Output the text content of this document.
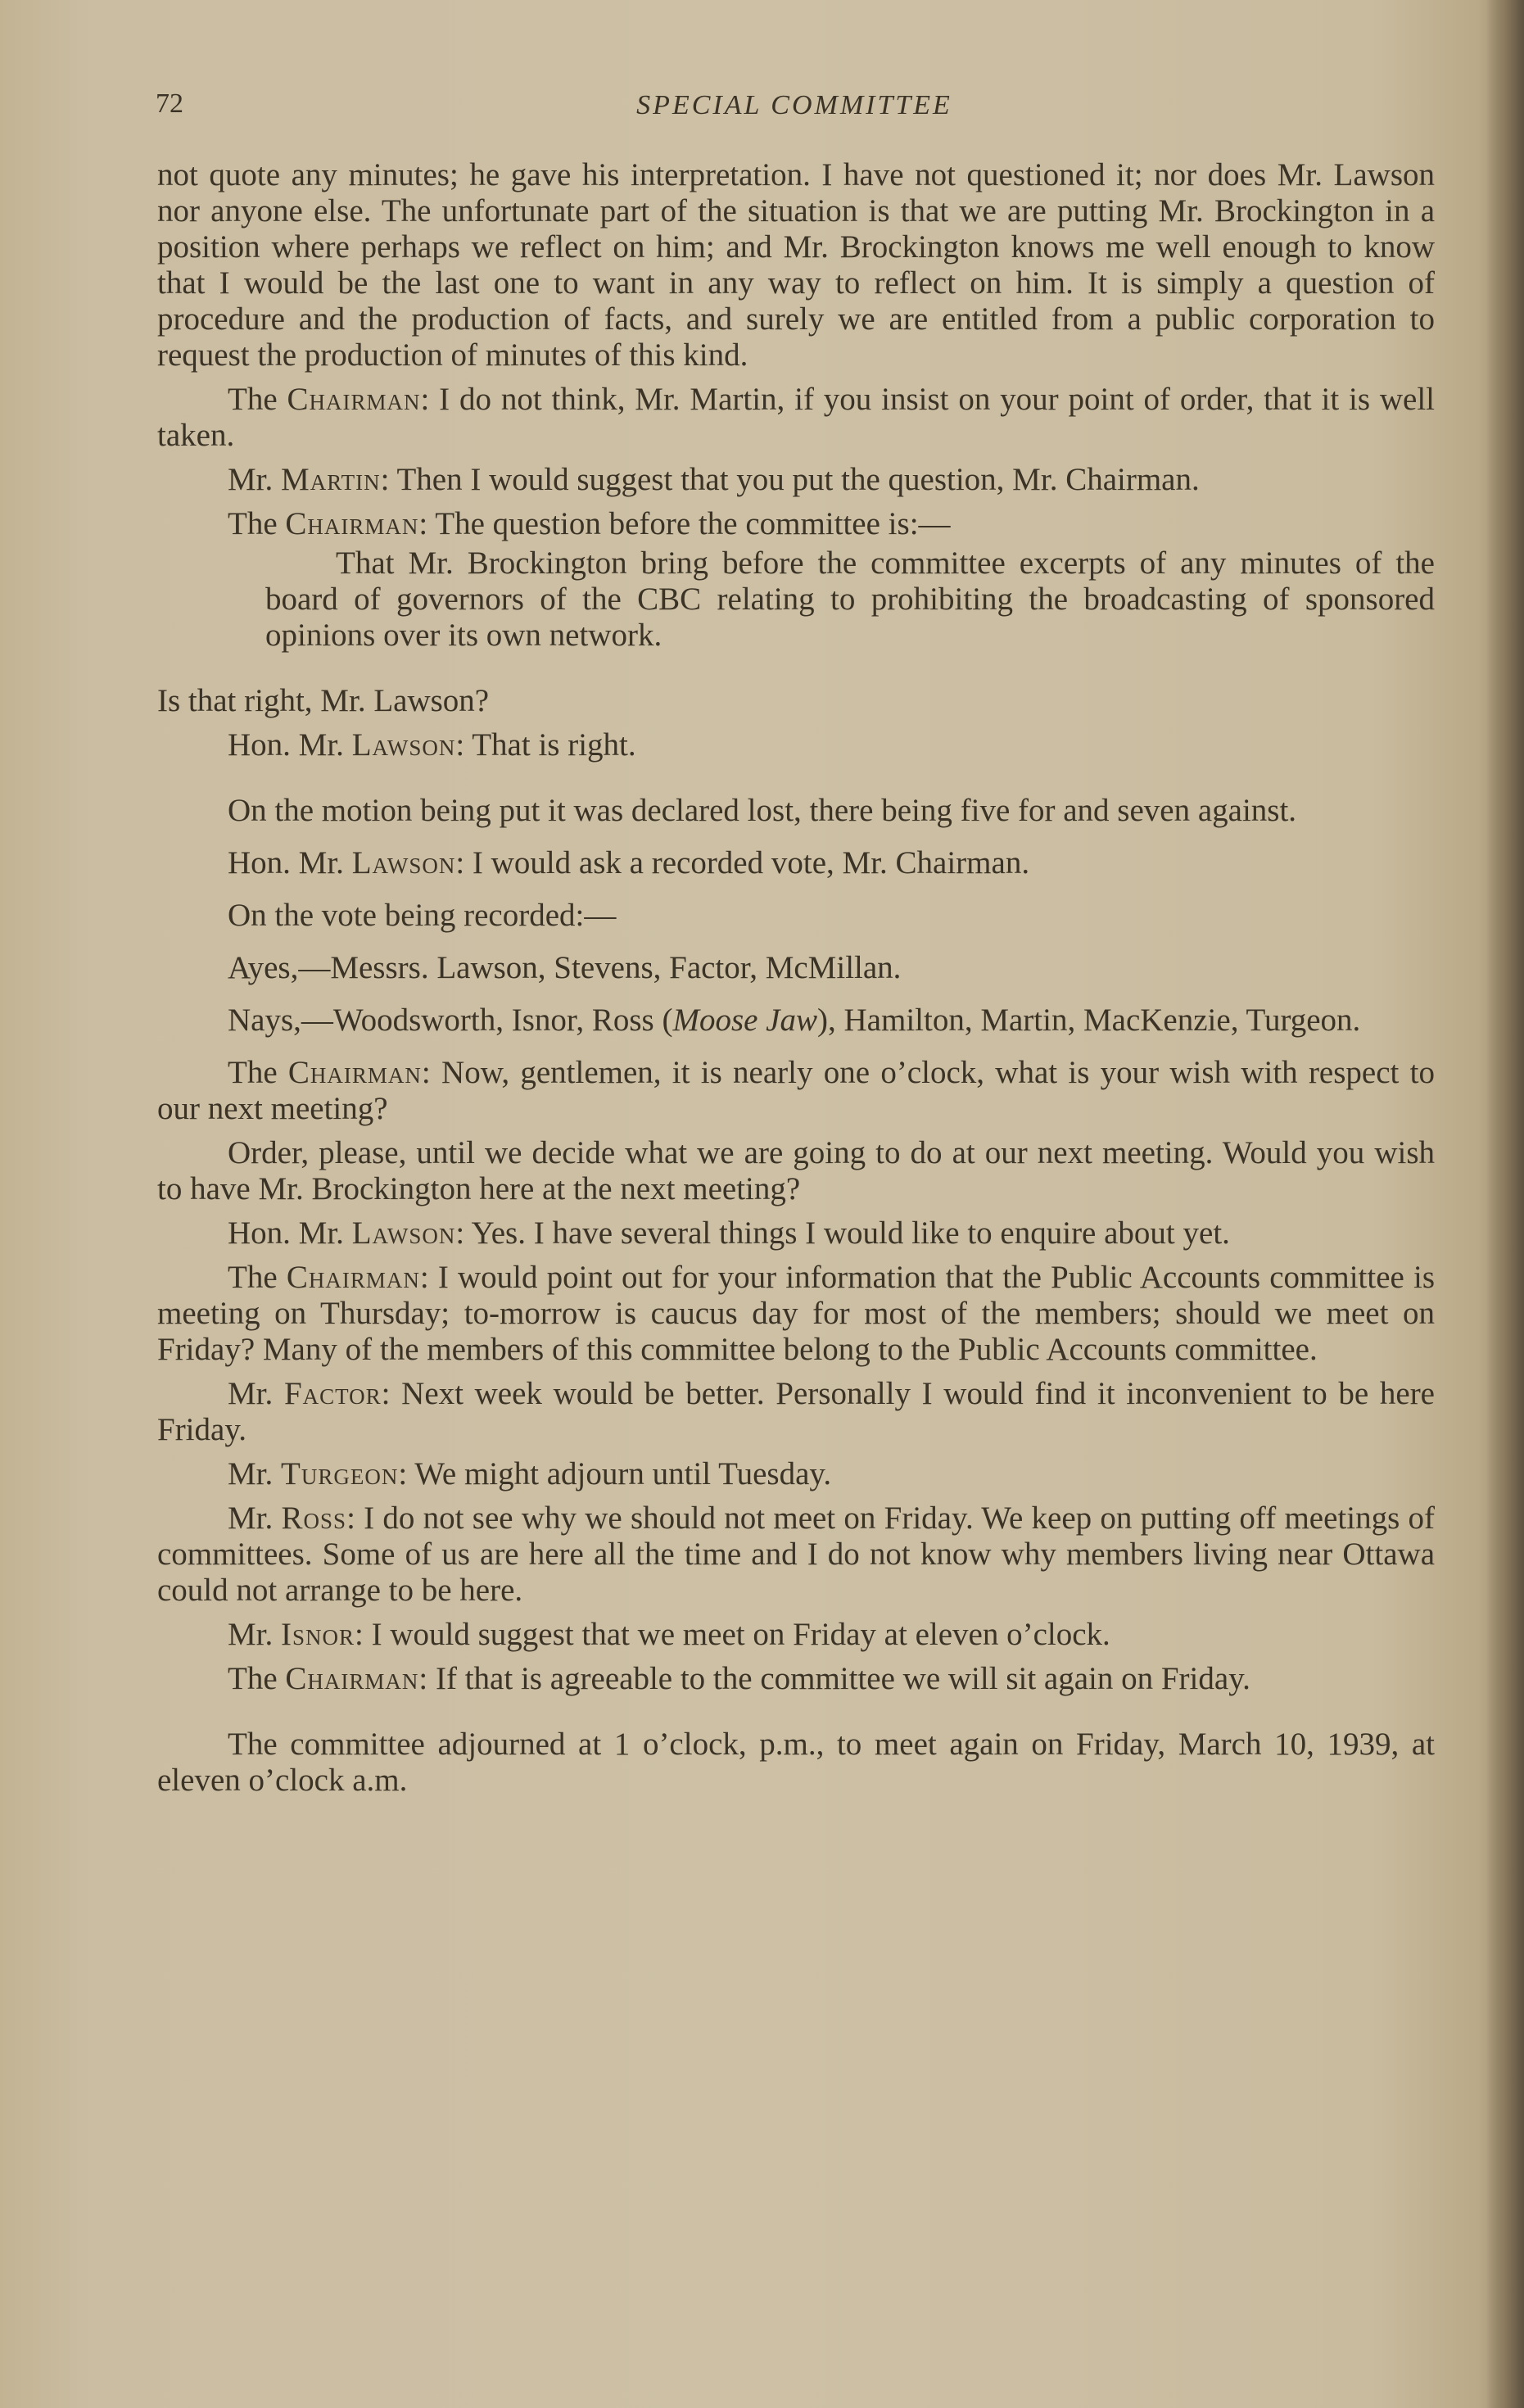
72	SPECIAL COMMITTEE

not quote any minutes; he gave his interpretation. I have not questioned it; nor does Mr. Lawson nor anyone else. The unfortunate part of the situation is that we are putting Mr. Brockington in a position where perhaps we reflect on him; and Mr. Brockington knows me well enough to know that I would be the last one to want in any way to reflect on him. It is simply a question of procedure and the production of facts, and surely we are entitled from a public corporation to request the production of minutes of this kind.

The Chairman: I do not think, Mr. Martin, if you insist on your point of order, that it is well taken.

Mr. Martin: Then I would suggest that you put the question, Mr. Chairman.

The Chairman: The question before the committee is:—

That Mr. Brockington bring before the committee excerpts of any minutes of the board of governors of the CBC relating to prohibiting the broadcasting of sponsored opinions over its own network.

Is that right, Mr. Lawson?

Hon. Mr. Lawson: That is right.

On the motion being put it was declared lost, there being five for and seven against.

Hon. Mr. Lawson: I would ask a recorded vote, Mr. Chairman.

On the vote being recorded:—

Ayes,—Messrs. Lawson, Stevens, Factor, McMillan.

Nays,—Woodsworth, Isnor, Ross (Moose Jaw), Hamilton, Martin, MacKenzie, Turgeon.

The Chairman: Now, gentlemen, it is nearly one o’clock, what is your wish with respect to our next meeting?

Order, please, until we decide what we are going to do at our next meeting. Would you wish to have Mr. Brockington here at the next meeting?

Hon. Mr. Lawson: Yes. I have several things I would like to enquire about yet.

The Chairman: I would point out for your information that the Public Accounts committee is meeting on Thursday; to-morrow is caucus day for most of the members; should we meet on Friday? Many of the members of this committee belong to the Public Accounts committee.

Mr. Factor: Next week would be better. Personally I would find it inconvenient to be here Friday.

Mr. Turgeon: We might adjourn until Tuesday.

Mr. Ross: I do not see why we should not meet on Friday. We keep on putting off meetings of committees. Some of us are here all the time and I do not know why members living near Ottawa could not arrange to be here.

Mr. Isnor: I would suggest that we meet on Friday at eleven o’clock.

The Chairman: If that is agreeable to the committee we will sit again on Friday.

The committee adjourned at 1 o’clock, p.m., to meet again on Friday, March 10, 1939, at eleven o’clock a.m.
